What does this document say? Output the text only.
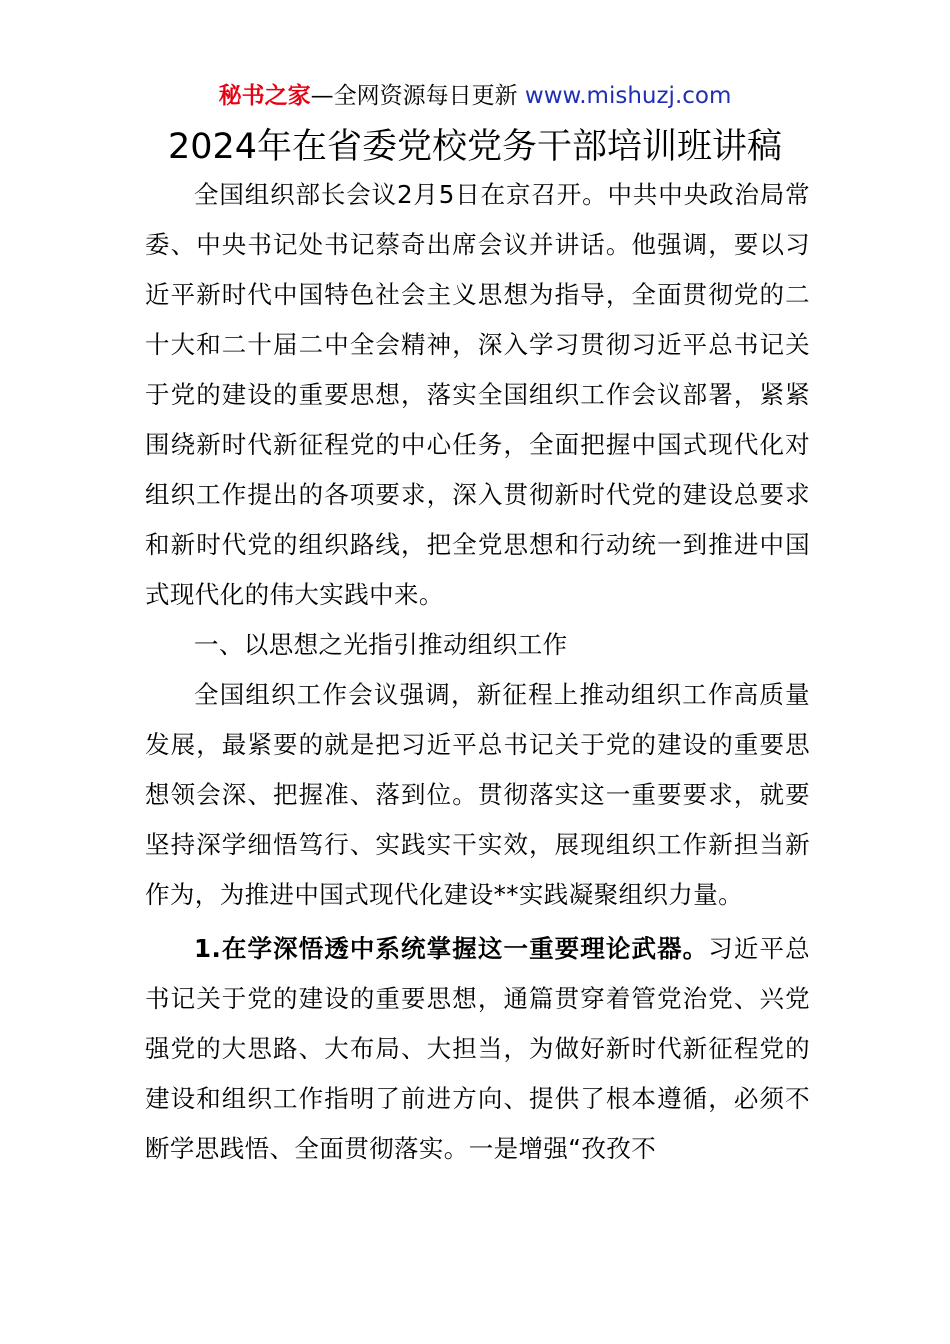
秘书之家—全网资源每日更新 www.mishuzj.com
2024年在省委党校党务干部培训班讲稿

全国组织部长会议2月5日在京召开。中共中央政治局常委、中央书记处书记蔡奇出席会议并讲话。他强调，要以习近平新时代中国特色社会主义思想为指导，全面贯彻党的二十大和二十届二中全会精神，深入学习贯彻习近平总书记关于党的建设的重要思想，落实全国组织工作会议部署，紧紧围绕新时代新征程党的中心任务，全面把握中国式现代化对组织工作提出的各项要求，深入贯彻新时代党的建设总要求和新时代党的组织路线，把全党思想和行动统一到推进中国式现代化的伟大实践中来。

一、以思想之光指引推动组织工作

全国组织工作会议强调，新征程上推动组织工作高质量发展，最紧要的就是把习近平总书记关于党的建设的重要思想领会深、把握准、落到位。贯彻落实这一重要要求，就要坚持深学细悟笃行、实践实干实效，展现组织工作新担当新作为，为推进中国式现代化建设**实践凝聚组织力量。

1.在学深悟透中系统掌握这一重要理论武器。习近平总书记关于党的建设的重要思想，通篇贯穿着管党治党、兴党强党的大思路、大布局、大担当，为做好新时代新征程党的建设和组织工作指明了前进方向、提供了根本遵循，必须不断学思践悟、全面贯彻落实。一是增强“孜孜不
